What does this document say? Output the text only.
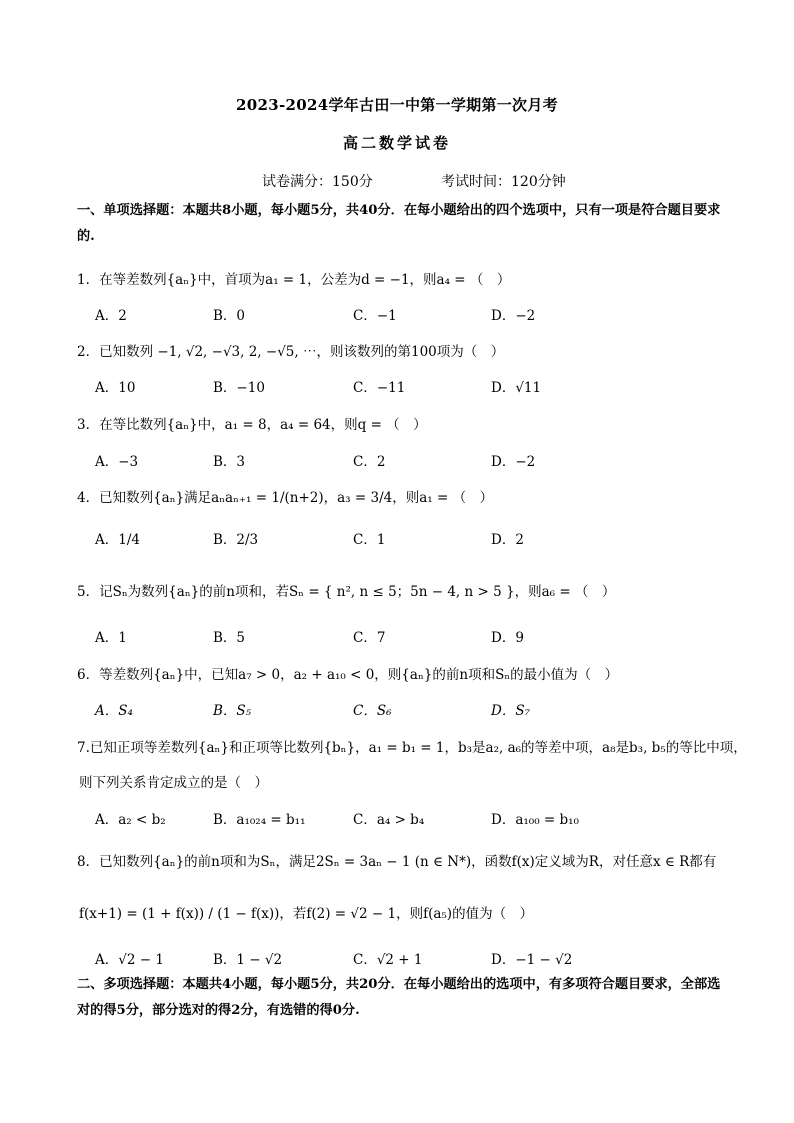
2023-2024学年古田一中第一学期第一次月考
高二数学试卷
试卷满分：150分	考试时间：120分钟
一、单项选择题：本题共8小题，每小题5分，共40分．在每小题给出的四个选项中，只有一项是符合题目要求的.
1．在等差数列{aₙ}中，首项为a₁ = 1，公差为d = −1，则a₄ = （　）
A．2	B．0	C．−1	D．−2
2．已知数列 −1, √2, −√3, 2, −√5, ⋯，则该数列的第100项为（　）
A．10	B．−10	C．−11	D．√11
3．在等比数列{aₙ}中，a₁ = 8，a₄ = 64，则q = （　）
A．−3	B．3	C．2	D．−2
4．已知数列{aₙ}满足aₙaₙ₊₁ = 1/(n+2)，a₃ = 3/4，则a₁ = （　）
A．1/4	B．2/3	C．1	D．2
5．记Sₙ为数列{aₙ}的前n项和，若Sₙ = { n², n ≤ 5；5n − 4, n > 5 }，则a₆ = （　）
A．1	B．5	C．7	D．9
6．等差数列{aₙ}中，已知a₇ > 0，a₂ + a₁₀ < 0，则{aₙ}的前n项和Sₙ的最小值为（　）
A．S₄	B．S₅	C．S₆	D．S₇
7.已知正项等差数列{aₙ}和正项等比数列{bₙ}，a₁ = b₁ = 1，b₃是a₂, a₆的等差中项，a₈是b₃, b₅的等比中项，
则下列关系肯定成立的是（　）
A．a₂ < b₂	B．a₁₀₂₄ = b₁₁	C．a₄ > b₄	D．a₁₀₀ = b₁₀
8．已知数列{aₙ}的前n项和为Sₙ，满足2Sₙ = 3aₙ − 1 (n ∈ N*)，函数f(x)定义域为R，对任意x ∈ R都有
f(x+1) = (1 + f(x)) / (1 − f(x))，若f(2) = √2 − 1，则f(a₅)的值为（　）
A．√2 − 1	B．1 − √2	C．√2 + 1	D．−1 − √2
二、多项选择题：本题共4小题，每小题5分，共20分．在每小题给出的选项中，有多项符合题目要求，全部选对的得5分，部分选对的得2分，有选错的得0分.
